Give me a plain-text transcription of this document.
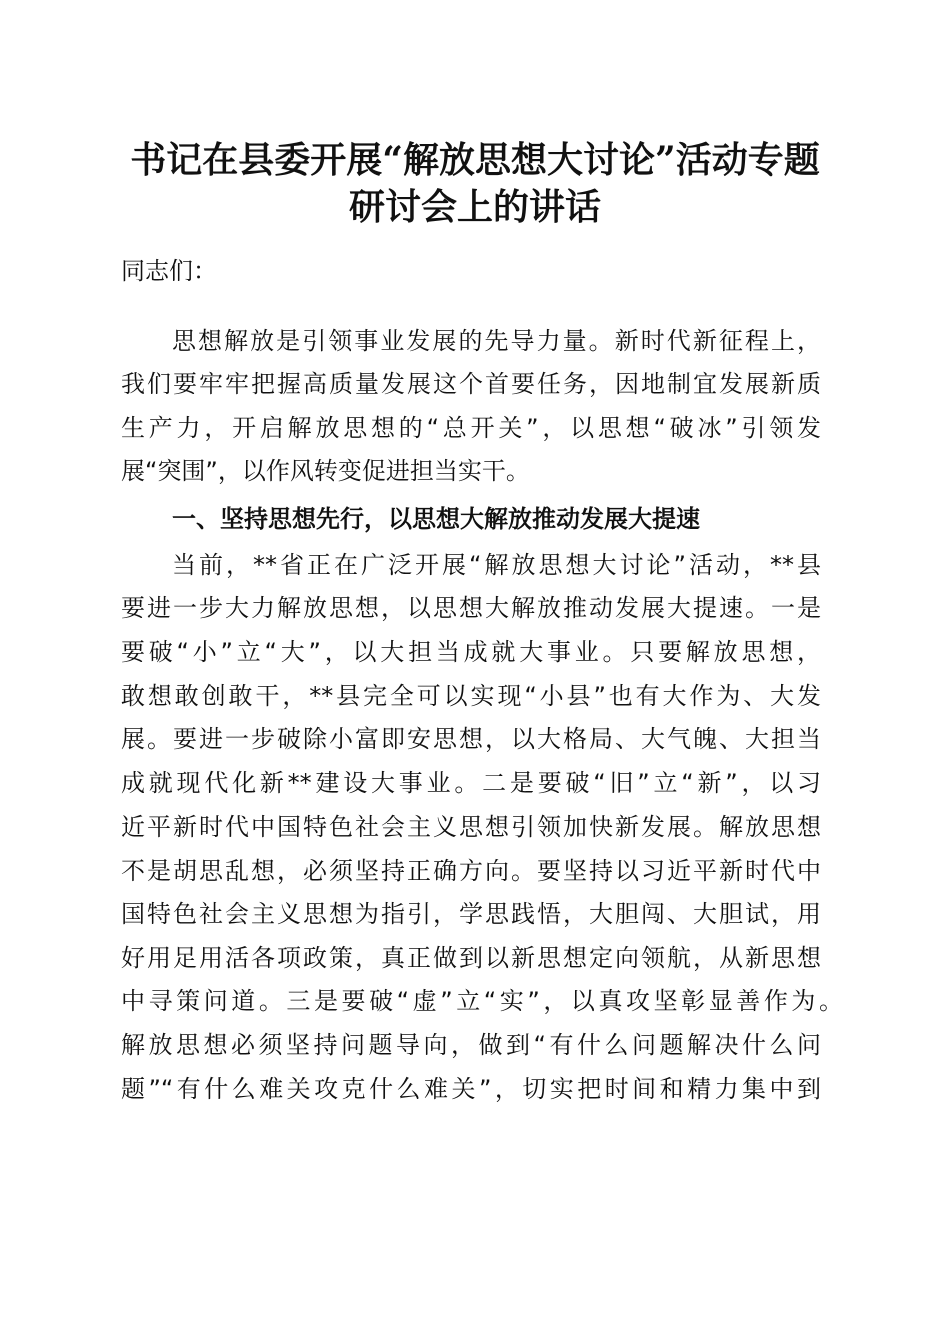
书记在县委开展“解放思想大讨论”活动专题
研讨会上的讲话

同志们：

思想解放是引领事业发展的先导力量。新时代新征程上，

我们要牢牢把握高质量发展这个首要任务，因地制宜发展新质

生产力，开启解放思想的“总开关”，以思想“破冰”引领发

展“突围”，以作风转变促进担当实干。

一、坚持思想先行，以思想大解放推动发展大提速

当前，**省正在广泛开展“解放思想大讨论”活动，**县

要进一步大力解放思想，以思想大解放推动发展大提速。一是

要破“小”立“大”，以大担当成就大事业。只要解放思想，

敢想敢创敢干，**县完全可以实现“小县”也有大作为、大发

展。要进一步破除小富即安思想，以大格局、大气魄、大担当

成就现代化新**建设大事业。二是要破“旧”立“新”，以习

近平新时代中国特色社会主义思想引领加快新发展。解放思想

不是胡思乱想，必须坚持正确方向。要坚持以习近平新时代中

国特色社会主义思想为指引，学思践悟，大胆闯、大胆试，用

好用足用活各项政策，真正做到以新思想定向领航，从新思想

中寻策问道。三是要破“虚”立“实”，以真攻坚彰显善作为。

解放思想必须坚持问题导向，做到“有什么问题解决什么问

题”“有什么难关攻克什么难关”，切实把时间和精力集中到
